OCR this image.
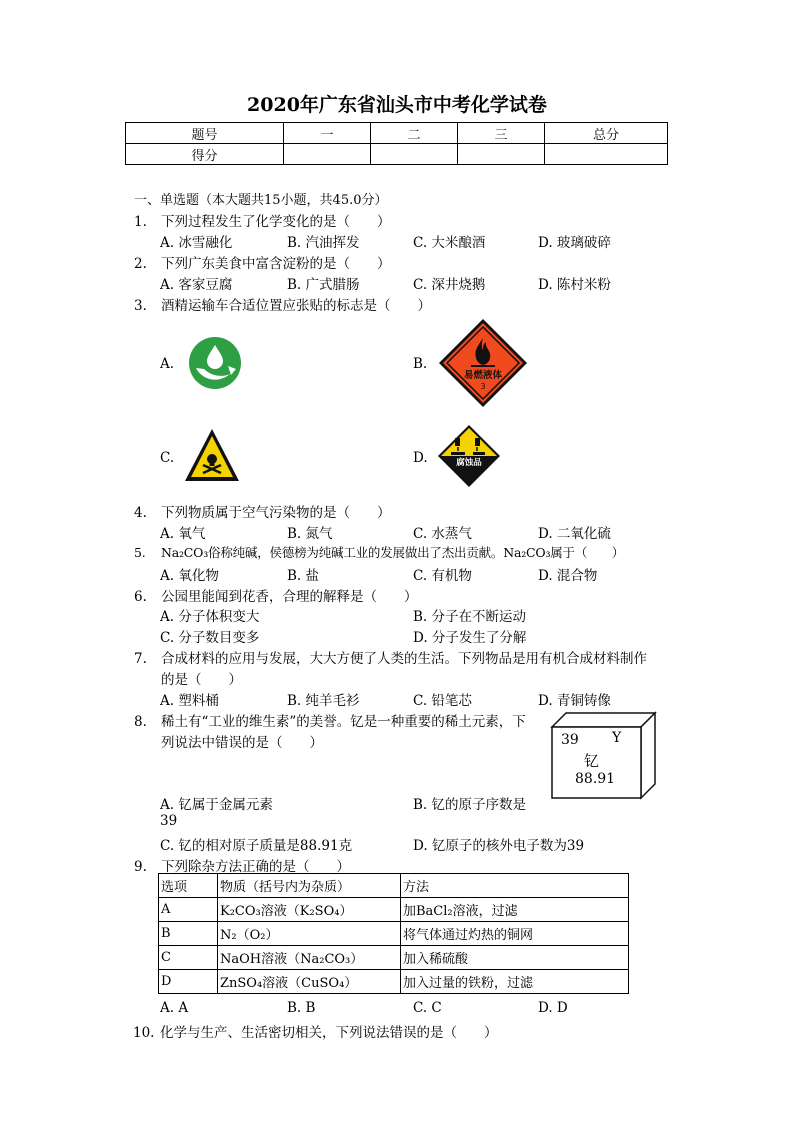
2020年广东省汕头市中考化学试卷
题号	一	二	三	总分
得分				
一、单选题（本大题共15小题，共45.0分）
1. 下列过程发生了化学变化的是（　　）
A. 冰雪融化	B. 汽油挥发	C. 大米酿酒	D. 玻璃破碎
2. 下列广东美食中富含淀粉的是（　　）
A. 客家豆腐	B. 广式腊肠	C. 深井烧鹅	D. 陈村米粉
3. 酒精运输车合适位置应张贴的标志是（　　）
A.	B.
C.	D.
易燃液体
3
腐蚀品
4. 下列物质属于空气污染物的是（　　）
A. 氧气	B. 氮气	C. 水蒸气	D. 二氧化硫
5. Na₂CO₃俗称纯碱，侯德榜为纯碱工业的发展做出了杰出贡献。Na₂CO₃属于（　　）
A. 氧化物	B. 盐	C. 有机物	D. 混合物
6. 公园里能闻到花香，合理的解释是（　　）
A. 分子体积变大	B. 分子在不断运动
C. 分子数目变多	D. 分子发生了分解
7. 合成材料的应用与发展，大大方便了人类的生活。下列物品是用有机合成材料制作
的是（　　）
A. 塑料桶	B. 纯羊毛衫	C. 铅笔芯	D. 青铜铸像
8. 稀土有“工业的维生素”的美誉。钇是一种重要的稀土元素，下
列说法中错误的是（　　）	39 Y
钇
88.91
A. 钇属于金属元素	B. 钇的原子序数是
39
C. 钇的相对原子质量是88.91克	D. 钇原子的核外电子数为39
9. 下列除杂方法正确的是（　　）
选项	物质（括号内为杂质）	方法
A	K₂CO₃溶液（K₂SO₄）	加BaCl₂溶液，过滤
B	N₂（O₂）	将气体通过灼热的铜网
C	NaOH溶液（Na₂CO₃）	加入稀硫酸
D	ZnSO₄溶液（CuSO₄）	加入过量的铁粉，过滤
A. A	B. B	C. C	D. D
10. 化学与生产、生活密切相关，下列说法错误的是（　　）
